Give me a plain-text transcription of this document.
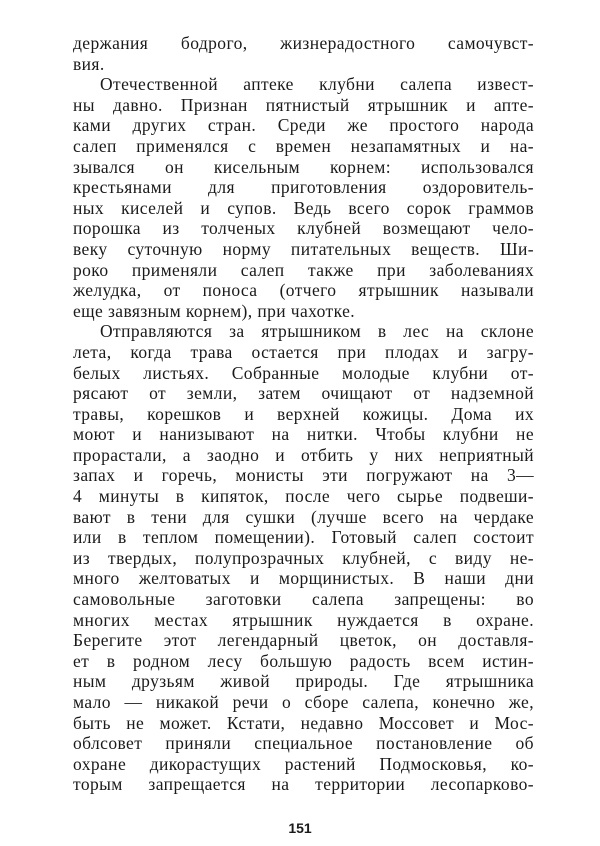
держания бодрого, жизнерадостного самочувст-
вия.
Отечественной аптеке клубни салепа извест-
ны давно. Признан пятнистый ятрышник и апте-
ками других стран. Среди же простого народа
салеп применялся с времен незапамятных и на-
зывался он кисельным корнем: использовался
крестьянами для приготовления оздоровитель-
ных киселей и супов. Ведь всего сорок граммов
порошка из толченых клубней возмещают чело-
веку суточную норму питательных веществ. Ши-
роко применяли салеп также при заболеваниях
желудка, от поноса (отчего ятрышник называли
еще завязным корнем), при чахотке.
Отправляются за ятрышником в лес на склоне
лета, когда трава остается при плодах и загру-
белых листьях. Собранные молодые клубни от-
рясают от земли, затем очищают от надземной
травы, корешков и верхней кожицы. Дома их
моют и нанизывают на нитки. Чтобы клубни не
прорастали, а заодно и отбить у них неприятный
запах и горечь, монисты эти погружают на 3—
4 минуты в кипяток, после чего сырье подвеши-
вают в тени для сушки (лучше всего на чердаке
или в теплом помещении). Готовый салеп состоит
из твердых, полупрозрачных клубней, с виду не-
много желтоватых и морщинистых. В наши дни
самовольные заготовки салепа запрещены: во
многих местах ятрышник нуждается в охране.
Берегите этот легендарный цветок, он доставля-
ет в родном лесу большую радость всем истин-
ным друзьям живой природы. Где ятрышника
мало — никакой речи о сборе салепа, конечно же,
быть не может. Кстати, недавно Моссовет и Мос-
облсовет приняли специальное постановление об
охране дикорастущих растений Подмосковья, ко-
торым запрещается на территории лесопарково-
151
